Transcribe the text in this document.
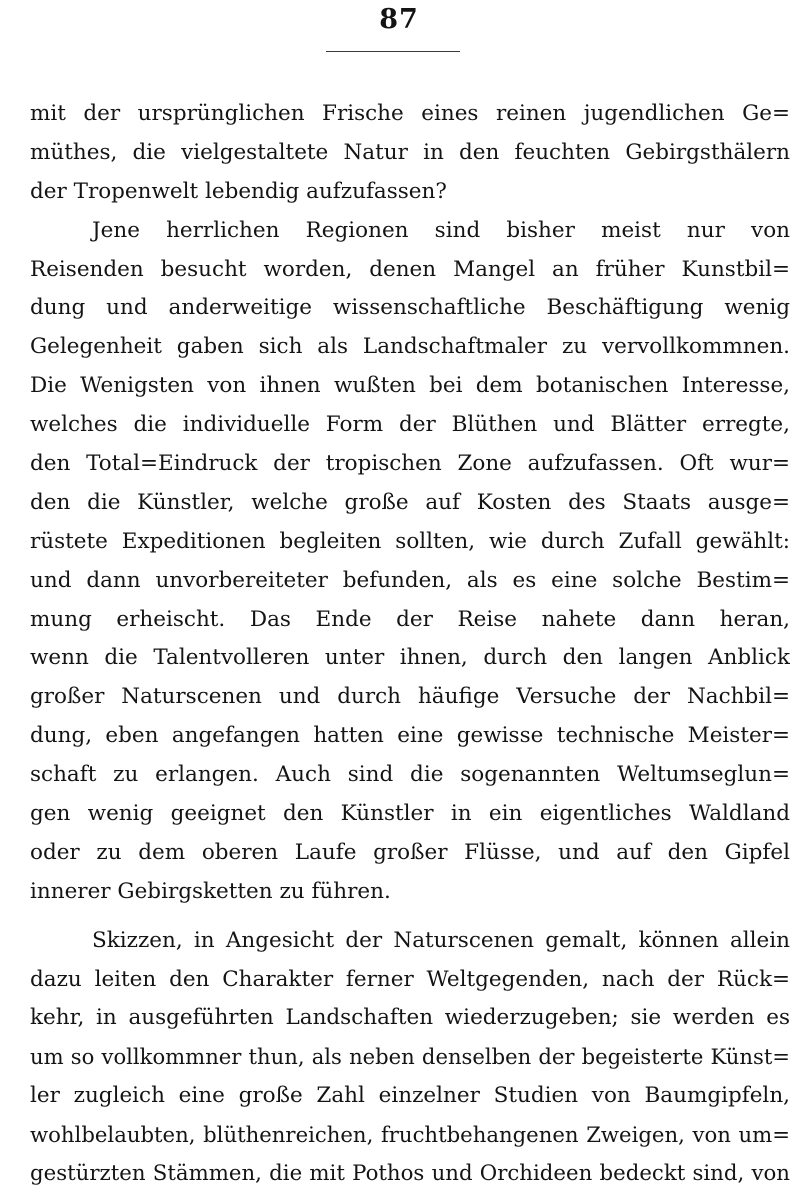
87
mit der ursprünglichen Frische eines reinen jugendlichen Ge=
müthes, die vielgestaltete Natur in den feuchten Gebirgsthälern
der Tropenwelt lebendig aufzufassen?
Jene herrlichen Regionen sind bisher meist nur von
Reisenden besucht worden, denen Mangel an früher Kunstbil=
dung und anderweitige wissenschaftliche Beschäftigung wenig
Gelegenheit gaben sich als Landschaftmaler zu vervollkommnen.
Die Wenigsten von ihnen wußten bei dem botanischen Interesse,
welches die individuelle Form der Blüthen und Blätter erregte,
den Total=Eindruck der tropischen Zone aufzufassen. Oft wur=
den die Künstler, welche große auf Kosten des Staats ausge=
rüstete Expeditionen begleiten sollten, wie durch Zufall gewählt:
und dann unvorbereiteter befunden, als es eine solche Bestim=
mung erheischt. Das Ende der Reise nahete dann heran,
wenn die Talentvolleren unter ihnen, durch den langen Anblick
großer Naturscenen und durch häufige Versuche der Nachbil=
dung, eben angefangen hatten eine gewisse technische Meister=
schaft zu erlangen. Auch sind die sogenannten Weltumseglun=
gen wenig geeignet den Künstler in ein eigentliches Waldland
oder zu dem oberen Laufe großer Flüsse, und auf den Gipfel
innerer Gebirgsketten zu führen.
Skizzen, in Angesicht der Naturscenen gemalt, können allein
dazu leiten den Charakter ferner Weltgegenden, nach der Rück=
kehr, in ausgeführten Landschaften wiederzugeben; sie werden es
um so vollkommner thun, als neben denselben der begeisterte Künst=
ler zugleich eine große Zahl einzelner Studien von Baumgipfeln,
wohlbelaubten, blüthenreichen, fruchtbehangenen Zweigen, von um=
gestürzten Stämmen, die mit Pothos und Orchideen bedeckt sind, von
